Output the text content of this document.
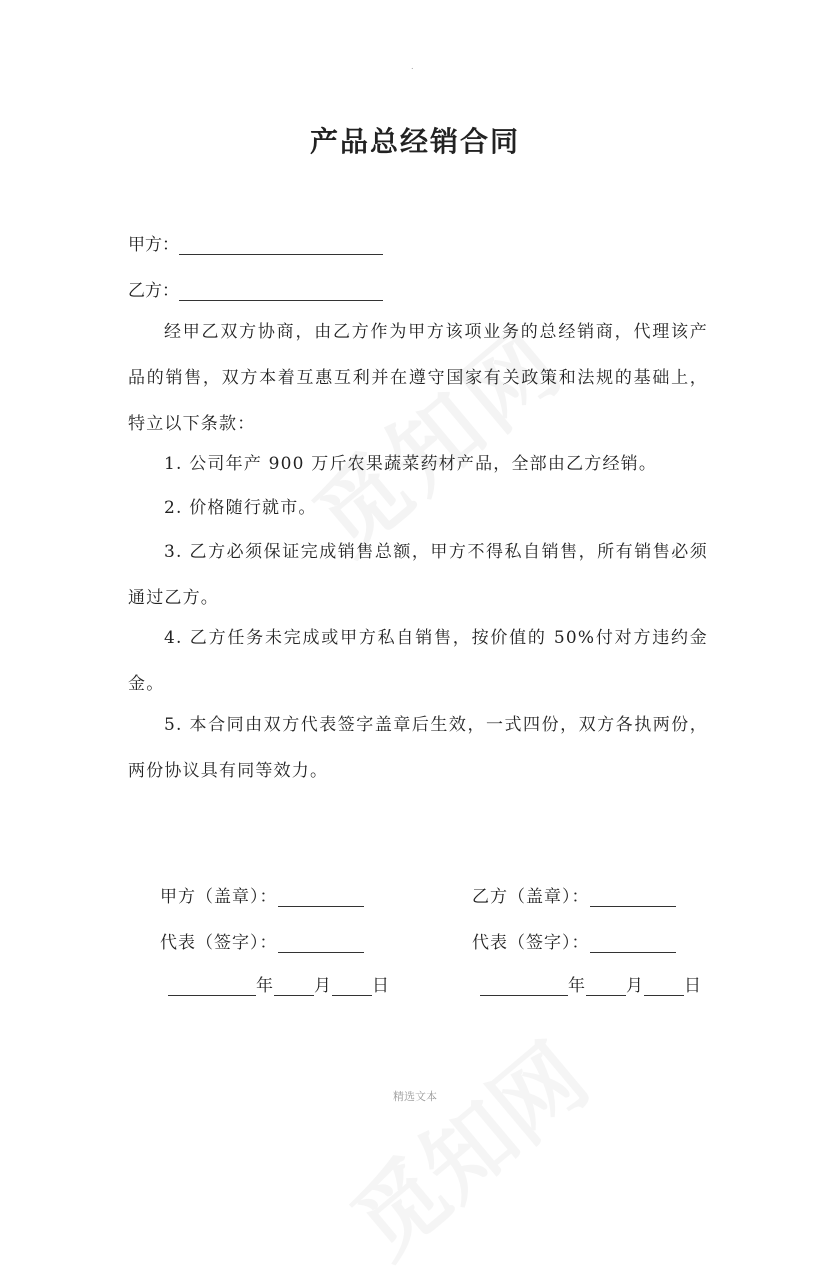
.
产品总经销合同
甲方：
乙方：
经甲乙双方协商，由乙方作为甲方该项业务的总经销商，代理该产品的销售，双方本着互惠互利并在遵守国家有关政策和法规的基础上，特立以下条款：
1. 公司年产 900 万斤农果蔬菜药材产品，全部由乙方经销。
2. 价格随行就市。
3. 乙方必须保证完成销售总额，甲方不得私自销售，所有销售必须通过乙方。
4. 乙方任务未完成或甲方私自销售，按价值的 50%付对方违约金金。
5. 本合同由双方代表签字盖章后生效，一式四份，双方各执两份，两份协议具有同等效力。
甲方（盖章）：	乙方（盖章）：
代表（签字）：	代表（签字）：
年 月 日	年 月 日
精选文本
